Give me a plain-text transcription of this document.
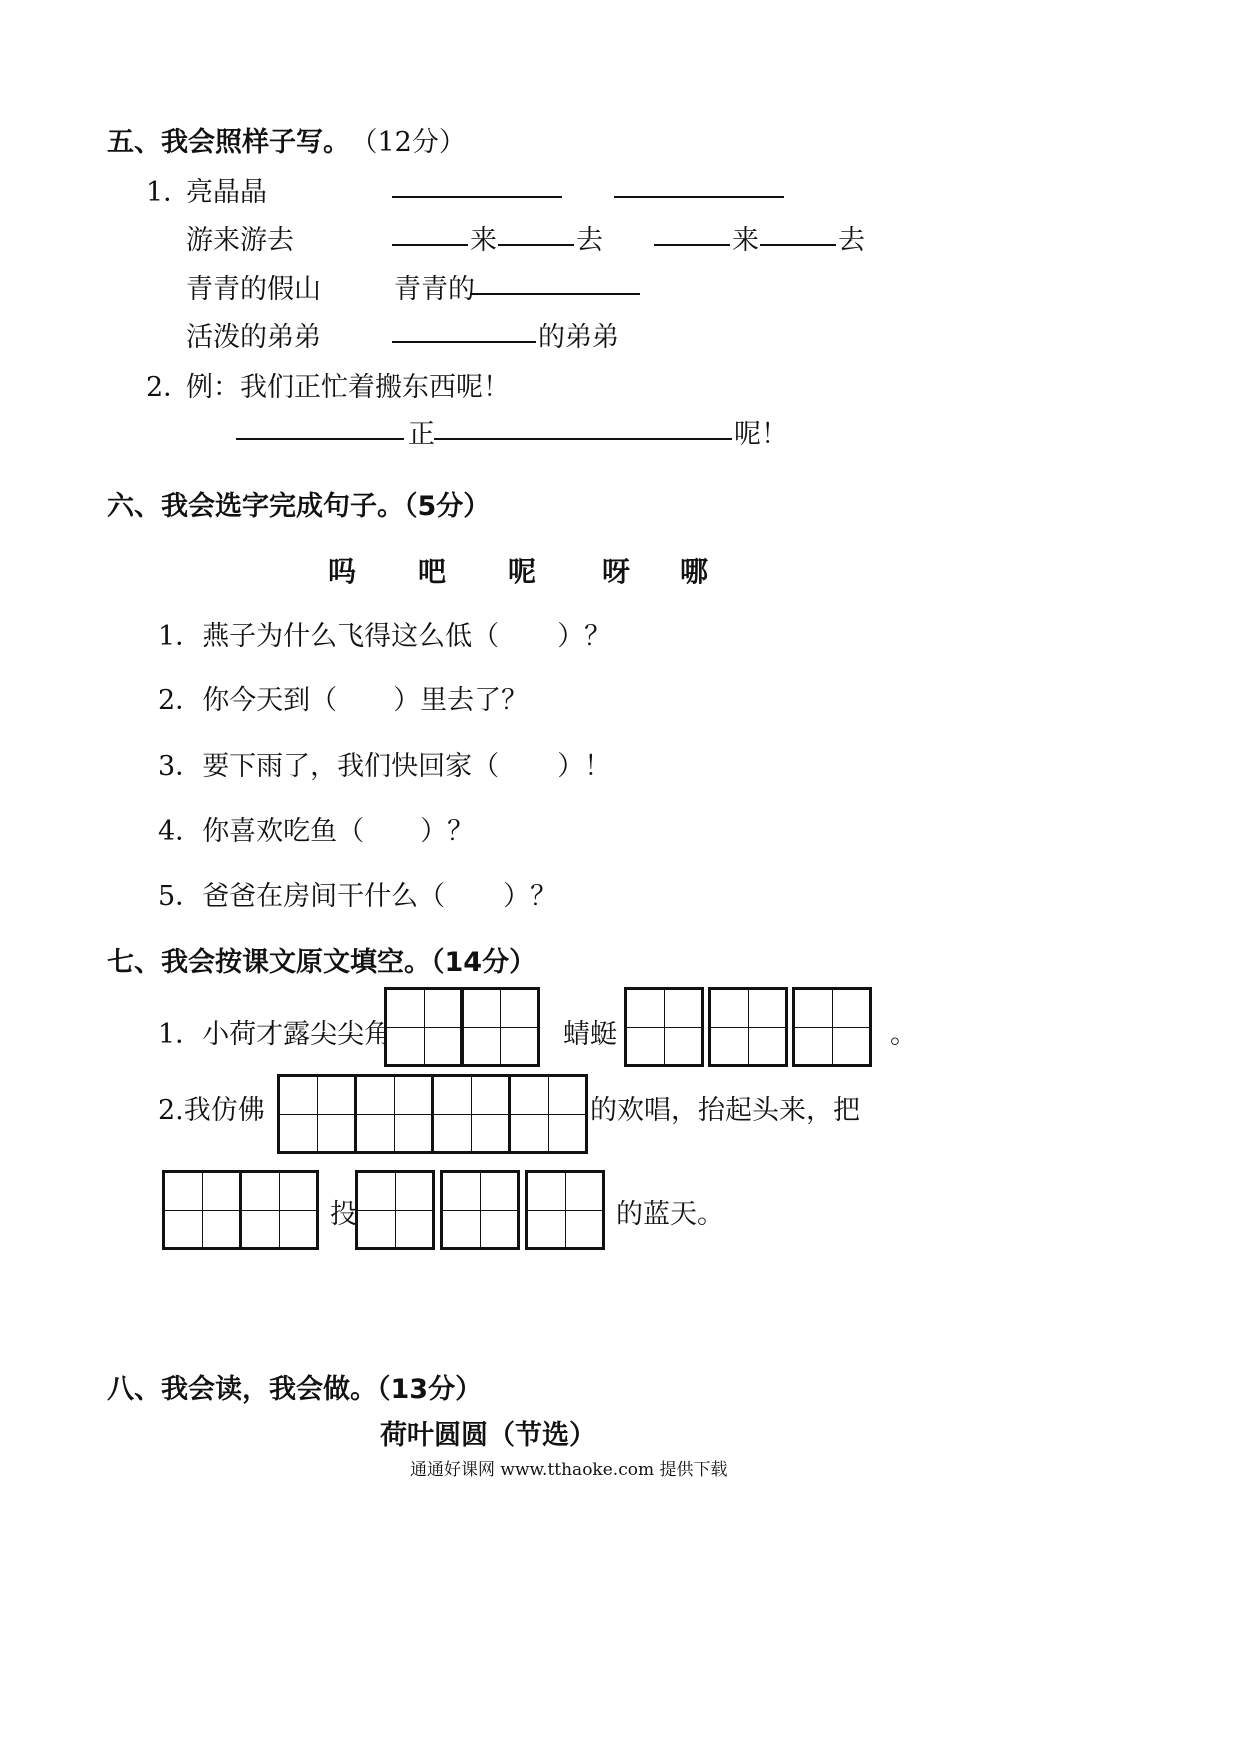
五、我会照样子写。 （12分）
1．
亮晶晶
游来游去	来	去	来	去
青青的假山	青青的
活泼的弟弟	的弟弟
2．
例：我们正忙着搬东西呢！
正	呢！
六、我会选字完成句子。（5分）
吗 吧 呢 呀 哪
1．燕子为什么飞得这么低（ ）？
2．你今天到（ ）里去了？
3．要下雨了，我们快回家（ ）！
4．你喜欢吃鱼（ ）？
5．爸爸在房间干什么（ ）？
七、我会按课文原文填空。（14分）
1．小荷才露尖尖角	蜻蜓	。
2.我仿佛	的欢唱，抬起头来，把
投	的蓝天。
八、我会读，我会做。（13分）
荷叶圆圆（节选）
通通好课网 www.tthaoke.com 提供下载
